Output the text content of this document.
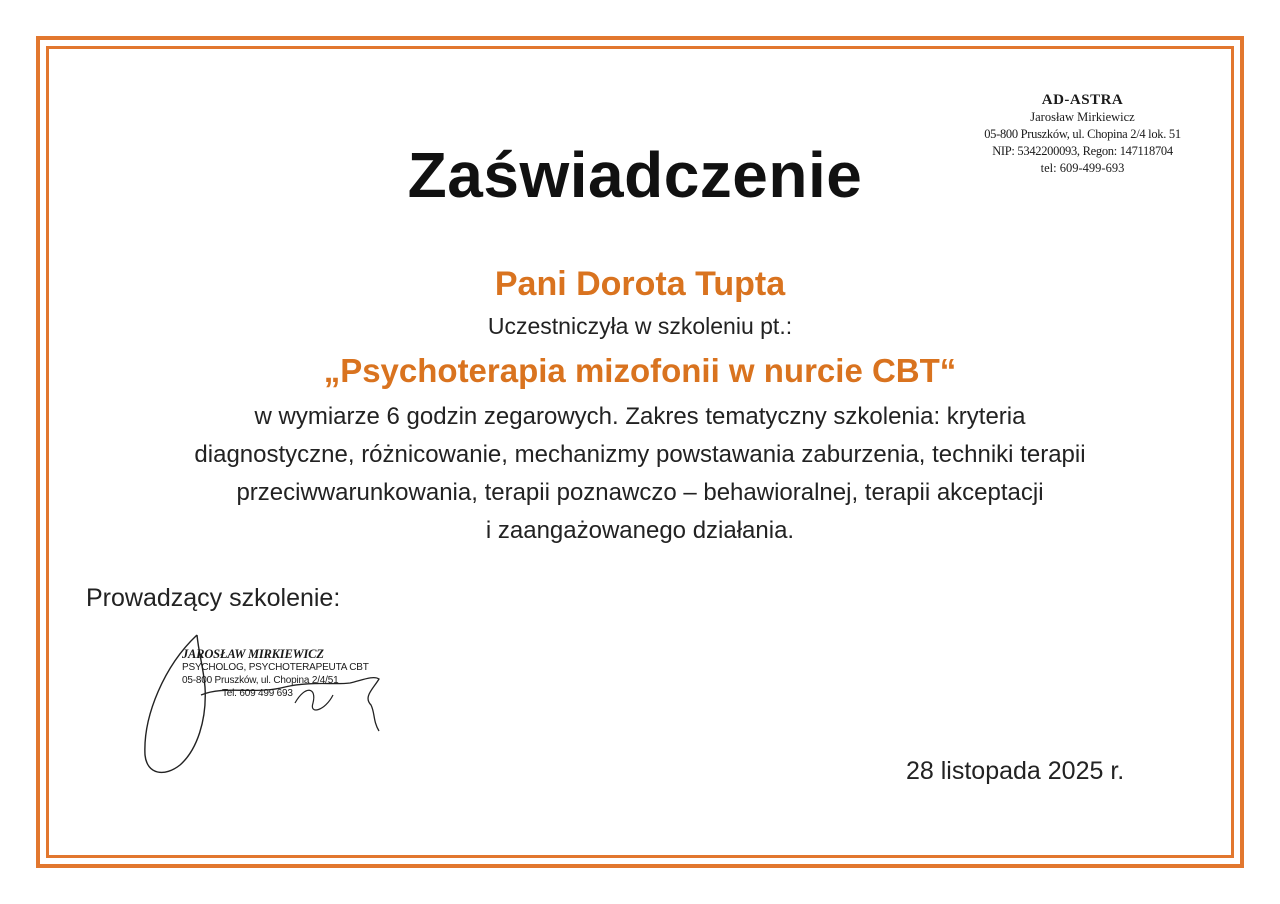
AD-ASTRA
Jarosław Mirkiewicz
05-800 Pruszków, ul. Chopina 2/4 lok. 51
NIP: 5342200093, Regon: 147118704
tel: 609-499-693
Zaświadczenie
Pani Dorota Tupta
Uczestniczyła w szkoleniu pt.:
„Psychoterapia mizofonii w nurcie CBT“
w wymiarze 6 godzin zegarowych. Zakres tematyczny szkolenia: kryteria
diagnostyczne, różnicowanie, mechanizmy powstawania zaburzenia, techniki terapii
przeciwwarunkowania, terapii poznawczo – behawioralnej, terapii akceptacji
i zaangażowanego działania.
Prowadzący szkolenie:
JAROSŁAW MIRKIEWICZ
PSYCHOLOG, PSYCHOTERAPEUTA CBT
05-800 Pruszków, ul. Chopina 2/4/51
Tel. 609 499 693
28 listopada 2025 r.
